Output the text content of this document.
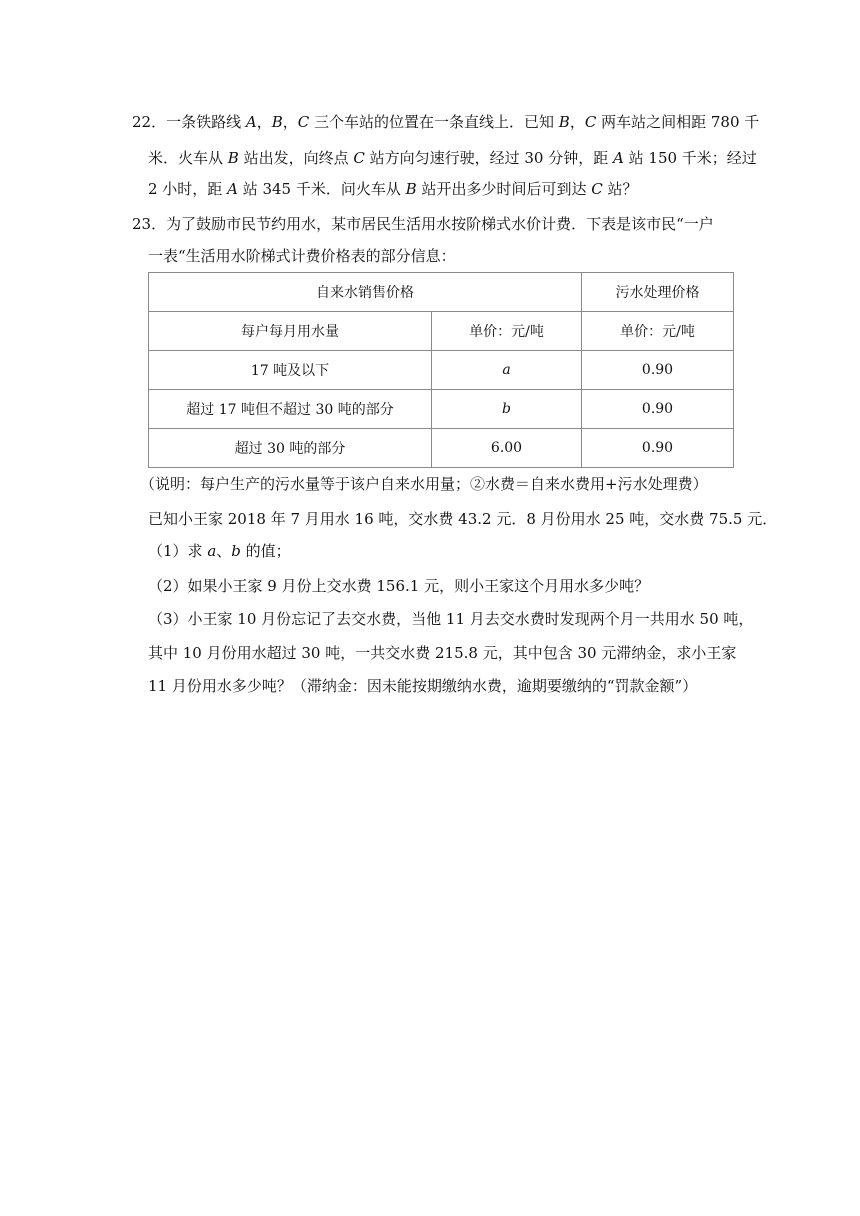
22．一条铁路线 A，B，C 三个车站的位置在一条直线上．已知 B，C 两车站之间相距 780 千
米．火车从 B 站出发，向终点 C 站方向匀速行驶，经过 30 分钟，距 A 站 150 千米；经过
2 小时，距 A 站 345 千米．问火车从 B 站开出多少时间后可到达 C 站？
23．为了鼓励市民节约用水，某市居民生活用水按阶梯式水价计费．下表是该市民“一户
一表“生活用水阶梯式计费价格表的部分信息：
自来水销售价格		污水处理价格
每户每月用水量	单价：元/吨	单价：元/吨
17 吨及以下	a	0.90
超过 17 吨但不超过 30 吨的部分	b	0.90
超过 30 吨的部分	6.00	0.90
（说明：每户生产的污水量等于该户自来水用量；②水费＝自来水费用+污水处理费）
已知小王家 2018 年 7 月用水 16 吨，交水费 43.2 元．8 月份用水 25 吨，交水费 75.5 元．
（1）求 a、b 的值；
（2）如果小王家 9 月份上交水费 156.1 元，则小王家这个月用水多少吨？
（3）小王家 10 月份忘记了去交水费，当他 11 月去交水费时发现两个月一共用水 50 吨，
其中 10 月份用水超过 30 吨，一共交水费 215.8 元，其中包含 30 元滞纳金，求小王家
11 月份用水多少吨？（滞纳金：因未能按期缴纳水费，逾期要缴纳的“罚款金额”）
